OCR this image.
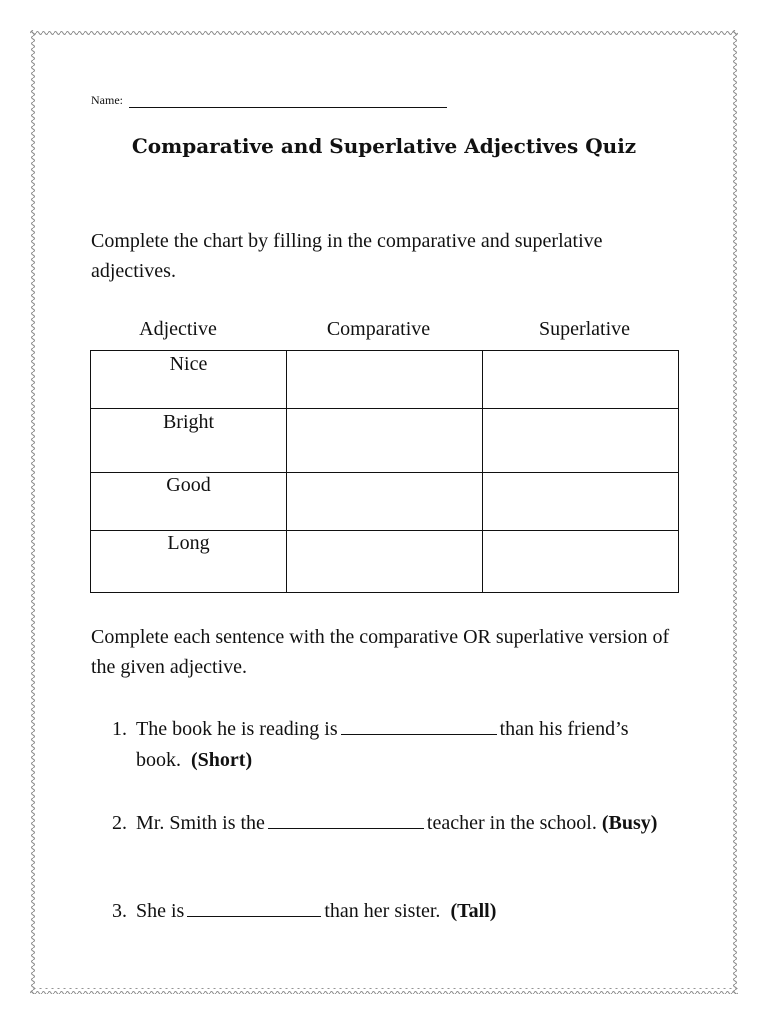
Name:
Comparative and Superlative Adjectives Quiz
Complete the chart by filling in the comparative and superlative adjectives.
Adjective	Comparative	Superlative
Nice		
Bright		
Good		
Long		
Complete each sentence with the comparative OR superlative version of the given adjective.
1. The book he is reading is	than his friend’s book. (Short)
2. Mr. Smith is the	teacher in the school. (Busy)
3. She is	than her sister. (Tall)
